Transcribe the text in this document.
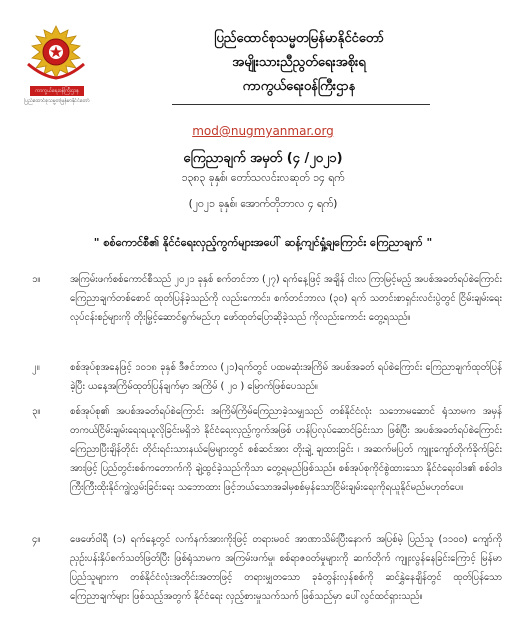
ကာကွယ်ရေးဝန်ကြီးဌာန
ပြည်ထောင်စုသမ္မတမြန်မာနိုင်ငံတော်
ပြည်ထောင်စုသမ္မတမြန်မာနိုင်ငံတော်
အမျိုးသားညီညွတ်ရေးအစိုးရ
ကာကွယ်ရေးဝန်ကြီးဌာန
mod@nugmyanmar.org
ကြေညာချက် အမှတ် (၄ /၂၀၂၁)
၁၃၈၃ ခုနှစ်၊ တော်သလင်းလဆုတ် ၁၄ ရက်
(၂၀၂၁ ခုနှစ်၊ အောက်တိုဘာလ ၄ ရက်)
" စစ်ကောင်စီ၏ နိုင်ငံရေးလှည့်ကွက်များအပေါ် ဆန့်ကျင်ရှုံ့ချကြောင်း ကြေညာချက် "
၁။	အကြမ်းဖက်စစ်ကောင်စီသည် ၂၀၂၁ ခုနှစ် စက်တင်ဘာ (၂၇) ရက်နေ့ဖြင့် အချိန် ငါးလ ကြာမြင့်မည့် အပစ်အခတ်ရပ်စဲကြောင်း ကြေညာချက်တစ်စောင် ထုတ်ပြန်ခဲ့သည်ကို လည်းကောင်း၊ စက်တင်ဘာလ (၃၀) ရက် သတင်းစာရှင်းလင်းပွဲတွင် ငြိမ်းချမ်းရေးလုပ်ငန်းစဉ်များကို တိုးမြှင့်ဆောင်ရွက်မည်ဟု ဖော်ထုတ်ပြောဆိုခဲ့သည် ကိုလည်းကောင်း တွေ့ရသည်။
၂။	စစ်အုပ်စုအနေဖြင့် ၁၀၁၈ ခုနှစ် ဒီဇင်ဘာလ (၂၁)ရက်တွင် ပထမဆုံးအကြိမ် အပစ်အခတ် ရပ်စဲကြောင်း ကြေညာချက်ထုတ်ပြန်ခဲ့ပြီး ယနေ့အကြိမ်ထုတ်ပြန်ချက်မှာ အကြိမ် ( ၂၀ ) မြောက်ဖြစ်ပေသည်။
၃။	စစ်အုပ်စု၏ အပစ်အခတ်ရပ်စဲကြောင်း အကြိမ်ကြိမ်ကြေညာခဲ့သမျှသည် တစ်နိုင်ငံလုံး သဘောမဆောင် ရုံသာမက အမှန်တကယ်ငြိမ်းချမ်းရေးရယူလိုခြင်းမရှိဘဲ နိုင်ငံရေးလှည့်ကွက်အဖြစ် ဟန်ပြလုပ်ဆောင်ခြင်းသာ ဖြစ်ပြီး အပစ်အခတ်ရပ်စဲကြောင်း ကြေညာပြီးချိန်တိုင်း တိုင်းရင်းသားနယ်မြေများတွင် စစ်ဆင်အား တိုးချဲ့ ချထားခြင်း ၊ အဆက်မပြတ် ကျူးကျော်တိုက်ခိုက်ခြင်းအားဖြင့် ပြည်တွင်းစစ်ကတောက်ကို ချဲ့ထွင်ခဲ့သည်ကိုသာ တွေ့ရမည်ဖြစ်သည်။ စစ်အုပ်စုကိုင်စွဲထားသော နိုင်ငံရေးဝါဒ၏ စစ်ဝါဒကြီးကြီးထိုးနိုင်ကျွဲလွှမ်းခြင်းရေး သဘောထား ဖြင့်ဘယ်သောအခါမှစစ်မှန်သောငြိမ်းချမ်းရေးကိုရယူနိုင်မည်မဟုတ်ပေ။
၄။	ဖေဖော်ဝါရီ (၁) ရက်နေ့တွင် လက်နက်အားကိုးဖြင့် တရားမဝင် အာဏာသိမ်းပြီးနောက် အပြစ်မဲ့ ပြည်သူ (၁၁၀၀) ကျော်ကို ညှဉ်းပန်းနှိပ်စက်သတ်ဖြတ်ပြီး ဖြစ်ရုံသာမက အကြမ်းဖက်မှု၊ စစ်ရာဇဝတ်မှုများကို ဆက်တိုက် ကျူးလွန်နေခြင်းကြောင့် မြန်မာပြည်သူများက တစ်နိုင်ငံလုံးအတိုင်းအတာဖြင့် တရားမျှတသော ခုခံတွန်းလှန်စစ်ကို ဆင်နွှဲနေချိန်တွင် ထုတ်ပြန်သောကြေညာချက်များ ဖြစ်သည့်အတွက် နိုင်ငံရေး လှည့်စားမှုသက်သက် ဖြစ်သည်မှာ ပေါ်လွင်ထင်ရှားသည်။
